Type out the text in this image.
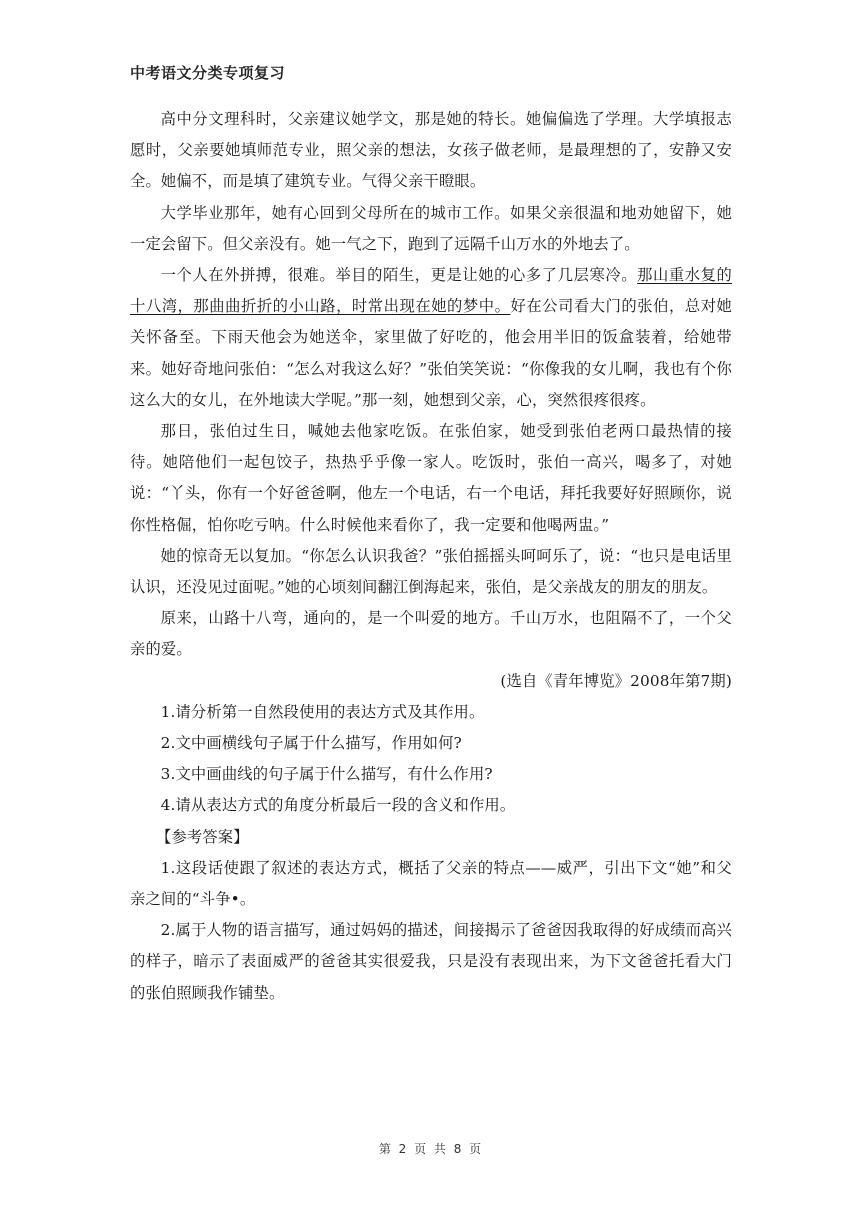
中考语文分类专项复习

高中分文理科时，父亲建议她学文，那是她的特长。她偏偏选了学理。大学填报志愿时，父亲要她填师范专业，照父亲的想法，女孩子做老师，是最理想的了，安静又安全。她偏不，而是填了建筑专业。气得父亲干瞪眼。

大学毕业那年，她有心回到父母所在的城市工作。如果父亲很温和地劝她留下，她一定会留下。但父亲没有。她一气之下，跑到了远隔千山万水的外地去了。

一个人在外拼搏，很难。举目的陌生，更是让她的心多了几层寒冷。那山重水复的十八湾，那曲曲折折的小山路，时常出现在她的梦中。好在公司看大门的张伯，总对她关怀备至。下雨天他会为她送伞，家里做了好吃的，他会用半旧的饭盒装着，给她带来。她好奇地问张伯：“怎么对我这么好？”张伯笑笑说：“你像我的女儿啊，我也有个你这么大的女儿，在外地读大学呢。”那一刻，她想到父亲，心，突然很疼很疼。

那日，张伯过生日，喊她去他家吃饭。在张伯家，她受到张伯老两口最热情的接待。她陪他们一起包饺子，热热乎乎像一家人。吃饭时，张伯一高兴，喝多了，对她说：“丫头，你有一个好爸爸啊，他左一个电话，右一个电话，拜托我要好好照顾你，说你性格倔，怕你吃亏呐。什么时候他来看你了，我一定要和他喝两盅。”

她的惊奇无以复加。“你怎么认识我爸？”张伯摇摇头呵呵乐了，说：“也只是电话里认识，还没见过面呢。”她的心顷刻间翻江倒海起来，张伯，是父亲战友的朋友的朋友。

原来，山路十八弯，通向的，是一个叫爱的地方。千山万水，也阻隔不了，一个父亲的爱。

(选自《青年博览》2008年第7期)

1.请分析第一自然段使用的表达方式及其作用。

2.文中画横线句子属于什么描写，作用如何?

3.文中画曲线的句子属于什么描写，有什么作用?

4.请从表达方式的角度分析最后一段的含义和作用。

【参考答案】

1.这段话使跟了叙述的表达方式，概括了父亲的特点——威严，引出下文“她”和父亲之间的“斗争•。

2.属于人物的语言描写，通过妈妈的描述，间接揭示了爸爸因我取得的好成绩而高兴的样子，暗示了表面威严的爸爸其实很爱我，只是没有表现出来，为下文爸爸托看大门的张伯照顾我作铺垫。

第 2 页 共 8 页
